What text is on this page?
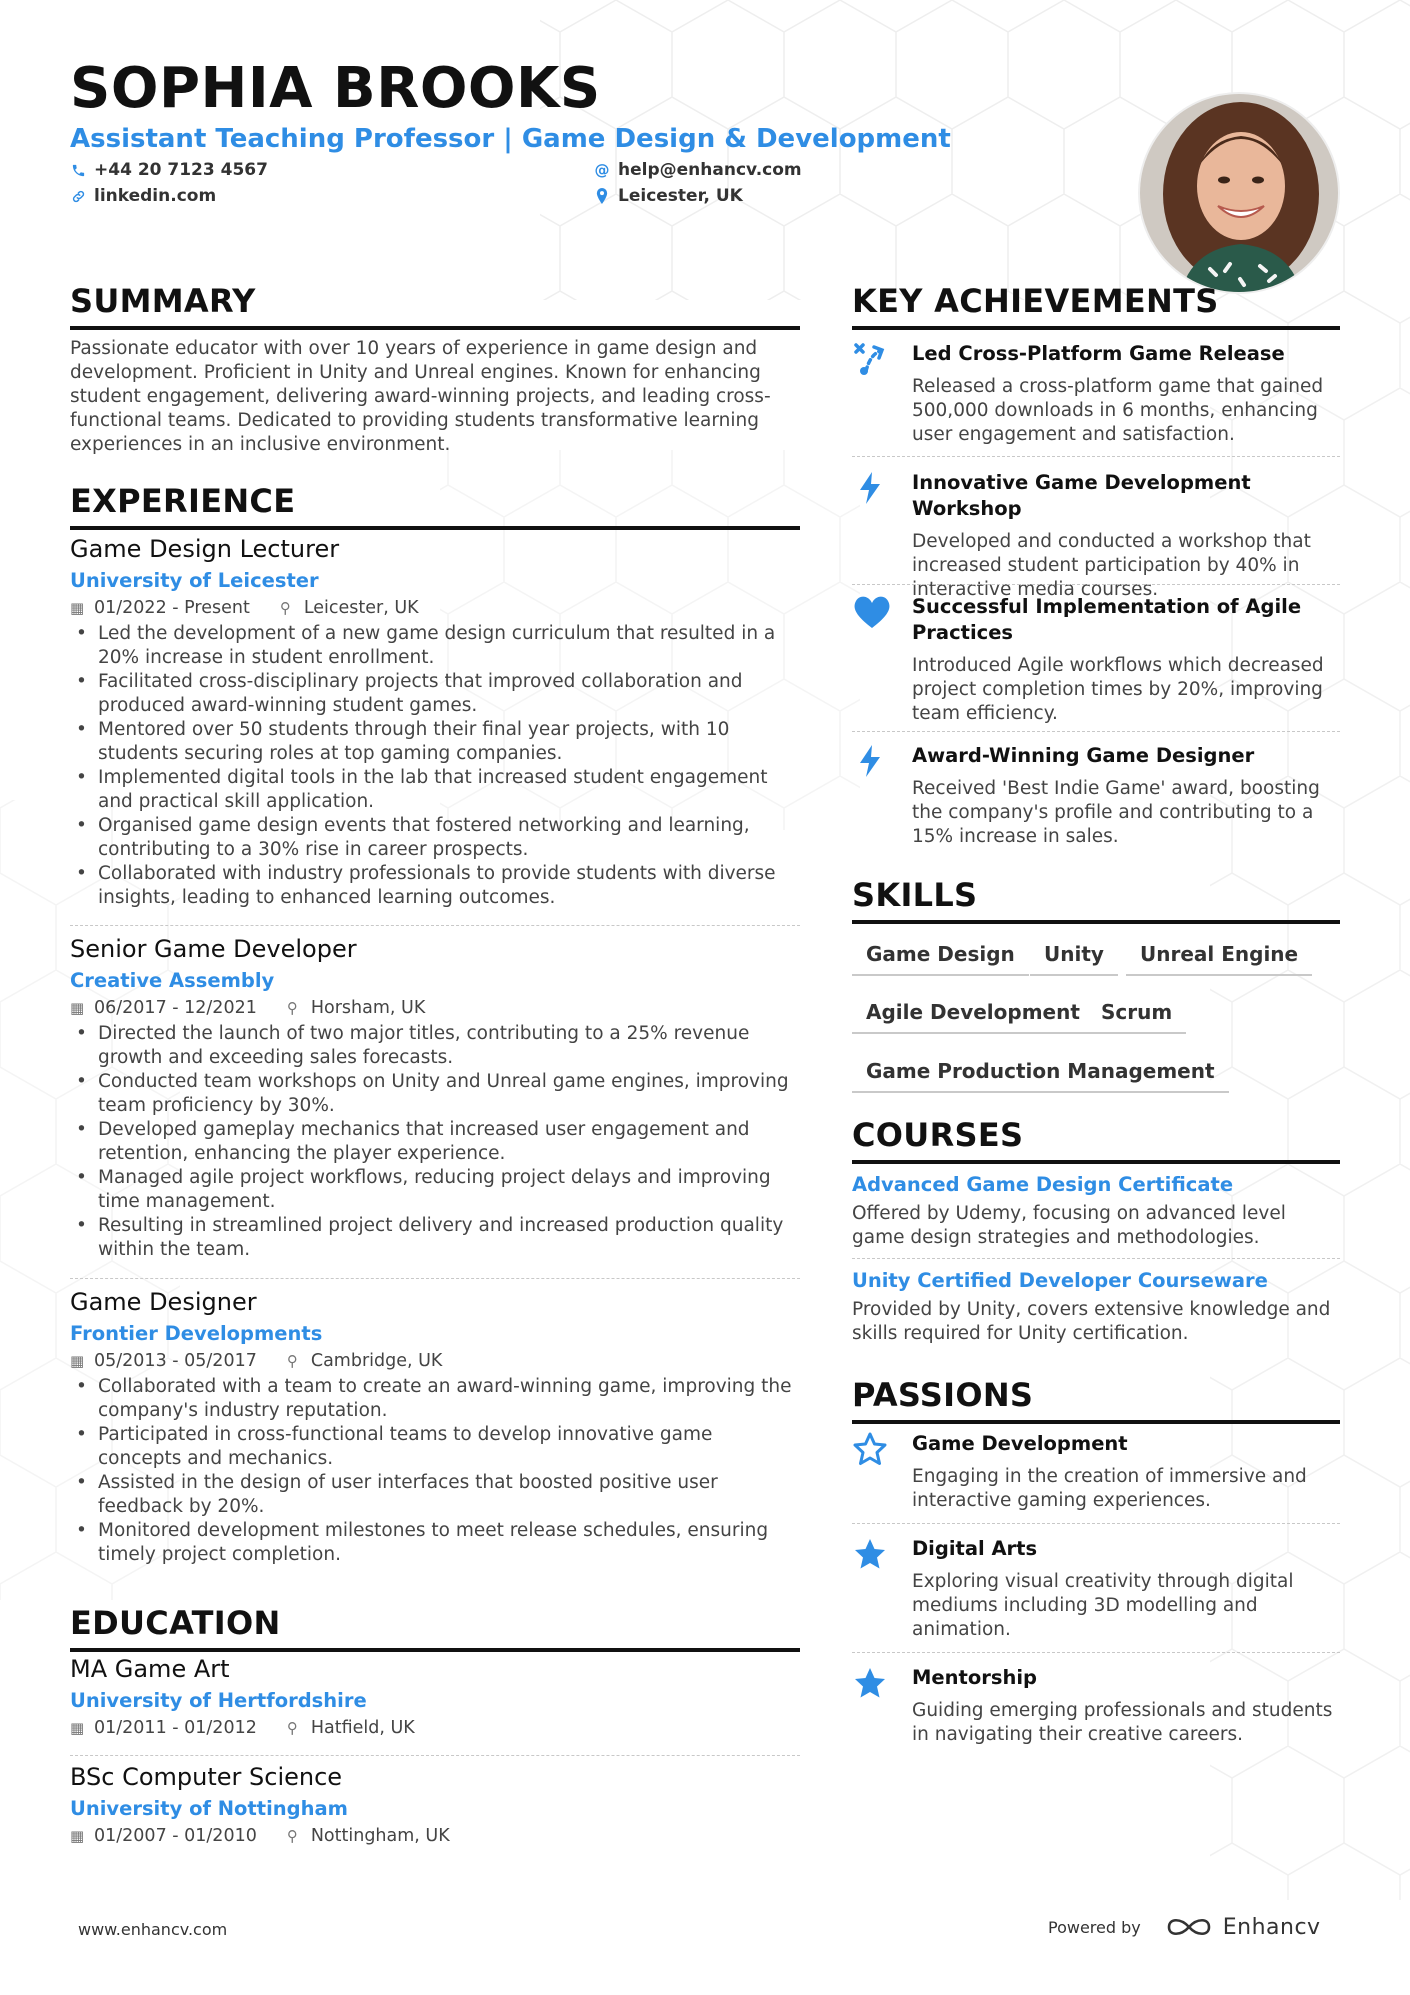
SOPHIA BROOKS
Assistant Teaching Professor | Game Design & Development
+44 20 7123 4567	@ help@enhancv.com
linkedin.com	Leicester, UK
SUMMARY
Passionate educator with over 10 years of experience in game design and development. Proficient in Unity and Unreal engines. Known for enhancing student engagement, delivering award-winning projects, and leading cross-functional teams. Dedicated to providing students transformative learning experiences in an inclusive environment.
EXPERIENCE
Game Design Lecturer
University of Leicester
▦ 01/2022 - Present ⚲ Leicester, UK
• Led the development of a new game design curriculum that resulted in a 20% increase in student enrollment.
• Facilitated cross-disciplinary projects that improved collaboration and produced award-winning student games.
• Mentored over 50 students through their final year projects, with 10 students securing roles at top gaming companies.
• Implemented digital tools in the lab that increased student engagement and practical skill application.
• Organised game design events that fostered networking and learning, contributing to a 30% rise in career prospects.
• Collaborated with industry professionals to provide students with diverse insights, leading to enhanced learning outcomes.
Senior Game Developer
Creative Assembly
▦ 06/2017 - 12/2021 ⚲ Horsham, UK
• Directed the launch of two major titles, contributing to a 25% revenue growth and exceeding sales forecasts.
• Conducted team workshops on Unity and Unreal game engines, improving team proficiency by 30%.
• Developed gameplay mechanics that increased user engagement and retention, enhancing the player experience.
• Managed agile project workflows, reducing project delays and improving time management.
• Resulting in streamlined project delivery and increased production quality within the team.
Game Designer
Frontier Developments
▦ 05/2013 - 05/2017 ⚲ Cambridge, UK
• Collaborated with a team to create an award-winning game, improving the company's industry reputation.
• Participated in cross-functional teams to develop innovative game concepts and mechanics.
• Assisted in the design of user interfaces that boosted positive user feedback by 20%.
• Monitored development milestones to meet release schedules, ensuring timely project completion.
EDUCATION
MA Game Art
University of Hertfordshire
▦ 01/2011 - 01/2012 ⚲ Hatfield, UK
BSc Computer Science
University of Nottingham
▦ 01/2007 - 01/2010 ⚲ Nottingham, UK
KEY ACHIEVEMENTS
Led Cross-Platform Game Release
Released a cross-platform game that gained 500,000 downloads in 6 months, enhancing user engagement and satisfaction.
Innovative Game Development Workshop
Developed and conducted a workshop that increased student participation by 40% in interactive media courses.
Successful Implementation of Agile Practices
Introduced Agile workflows which decreased project completion times by 20%, improving team efficiency.
Award-Winning Game Designer
Received 'Best Indie Game' award, boosting the company's profile and contributing to a 15% increase in sales.
SKILLS
Game Design	Unity	Unreal Engine
Agile Development	Scrum
Game Production Management
COURSES
Advanced Game Design Certificate
Offered by Udemy, focusing on advanced level game design strategies and methodologies.
Unity Certified Developer Courseware
Provided by Unity, covers extensive knowledge and skills required for Unity certification.
PASSIONS
Game Development
Engaging in the creation of immersive and interactive gaming experiences.
Digital Arts
Exploring visual creativity through digital mediums including 3D modelling and animation.
Mentorship
Guiding emerging professionals and students in navigating their creative careers.
www.enhancv.com	Powered by	Enhancv
